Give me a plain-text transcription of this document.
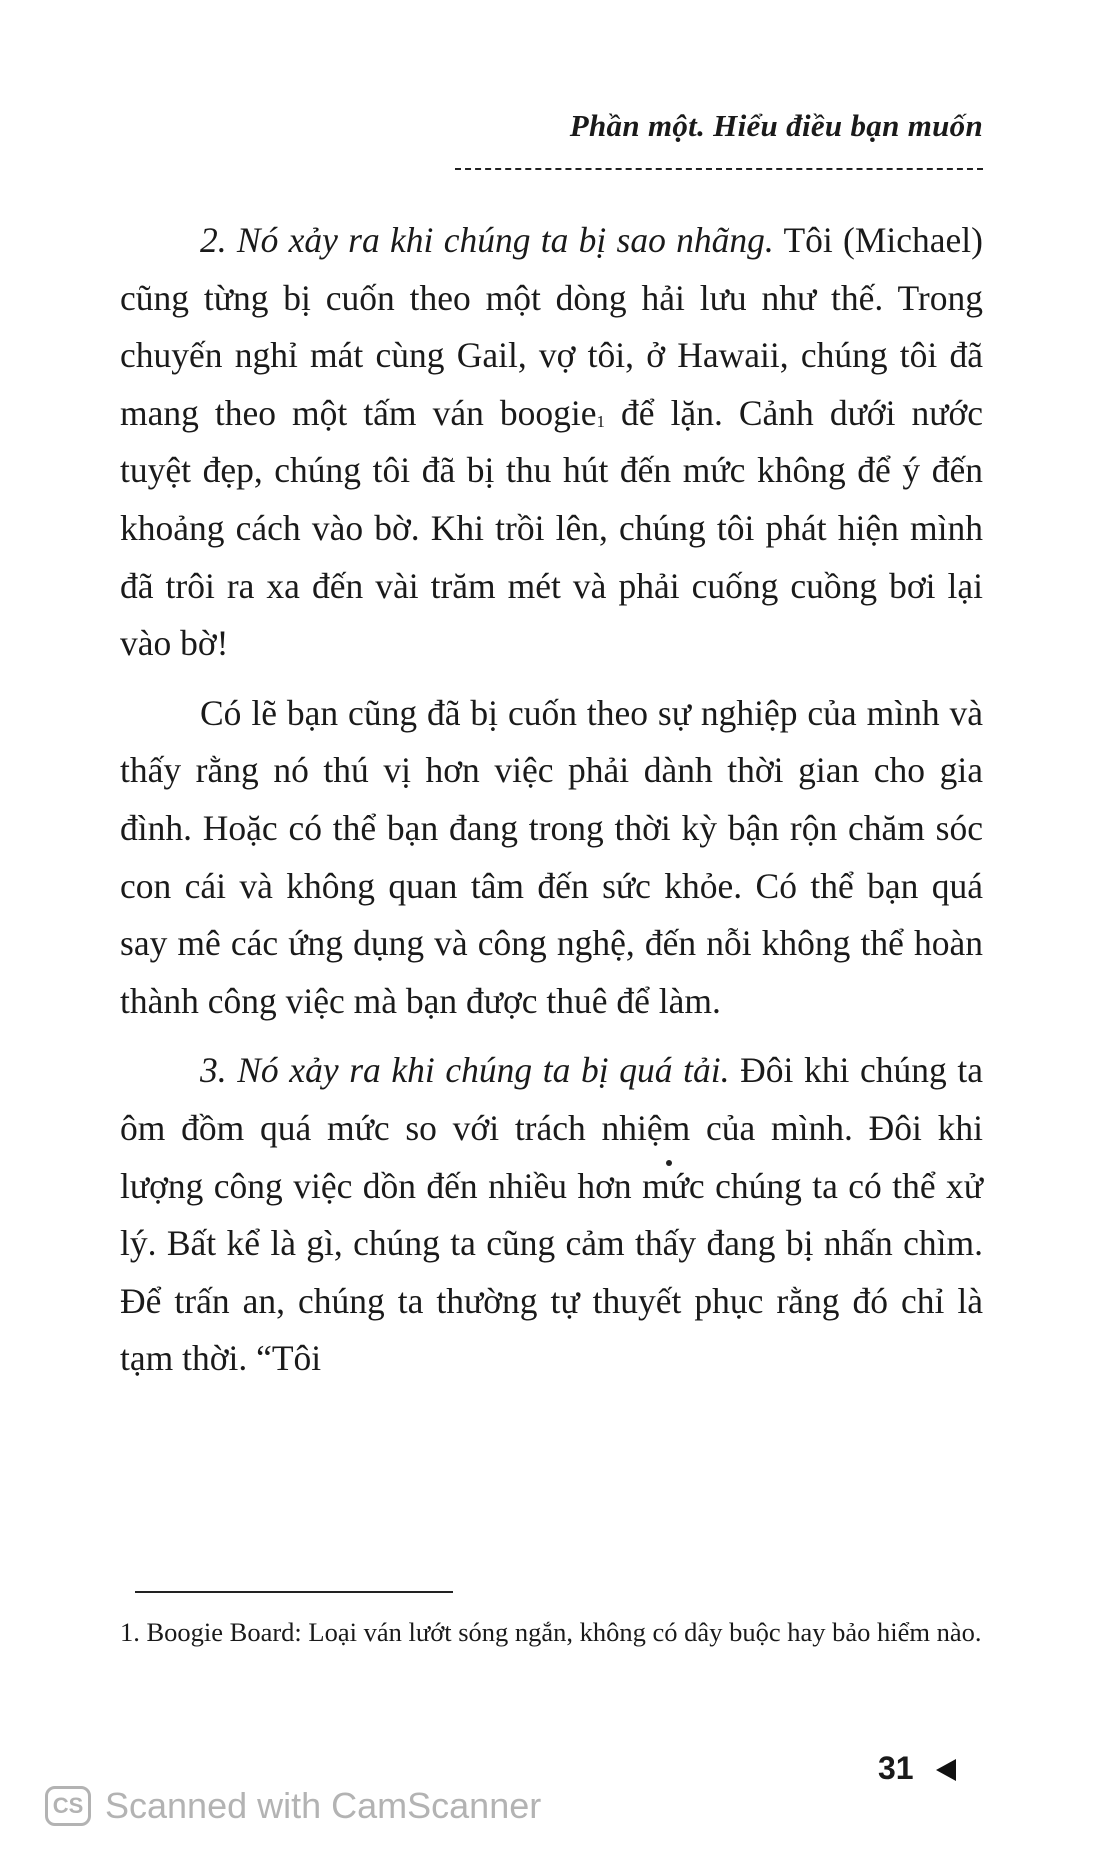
Phần một. Hiểu điều bạn muốn

2. Nó xảy ra khi chúng ta bị sao nhãng. Tôi (Michael) cũng từng bị cuốn theo một dòng hải lưu như thế. Trong chuyến nghỉ mát cùng Gail, vợ tôi, ở Hawaii, chúng tôi đã mang theo một tấm ván boogie$^1$ để lặn. Cảnh dưới nước tuyệt đẹp, chúng tôi đã bị thu hút đến mức không để ý đến khoảng cách vào bờ. Khi trồi lên, chúng tôi phát hiện mình đã trôi ra xa đến vài trăm mét và phải cuống cuồng bơi lại vào bờ!

Có lẽ bạn cũng đã bị cuốn theo sự nghiệp của mình và thấy rằng nó thú vị hơn việc phải dành thời gian cho gia đình. Hoặc có thể bạn đang trong thời kỳ bận rộn chăm sóc con cái và không quan tâm đến sức khỏe. Có thể bạn quá say mê các ứng dụng và công nghệ, đến nỗi không thể hoàn thành công việc mà bạn được thuê để làm.

3. Nó xảy ra khi chúng ta bị quá tải. Đôi khi chúng ta ôm đồm quá mức so với trách nhiệm của mình. Đôi khi lượng công việc dồn đến nhiều hơn mức chúng ta có thể xử lý. Bất kể là gì, chúng ta cũng cảm thấy đang bị nhấn chìm. Để trấn an, chúng ta thường tự thuyết phục rằng đó chỉ là tạm thời. “Tôi

1. Boogie Board: Loại ván lướt sóng ngắn, không có dây buộc hay bảo hiểm nào.

31
CS Scanned with CamScanner
